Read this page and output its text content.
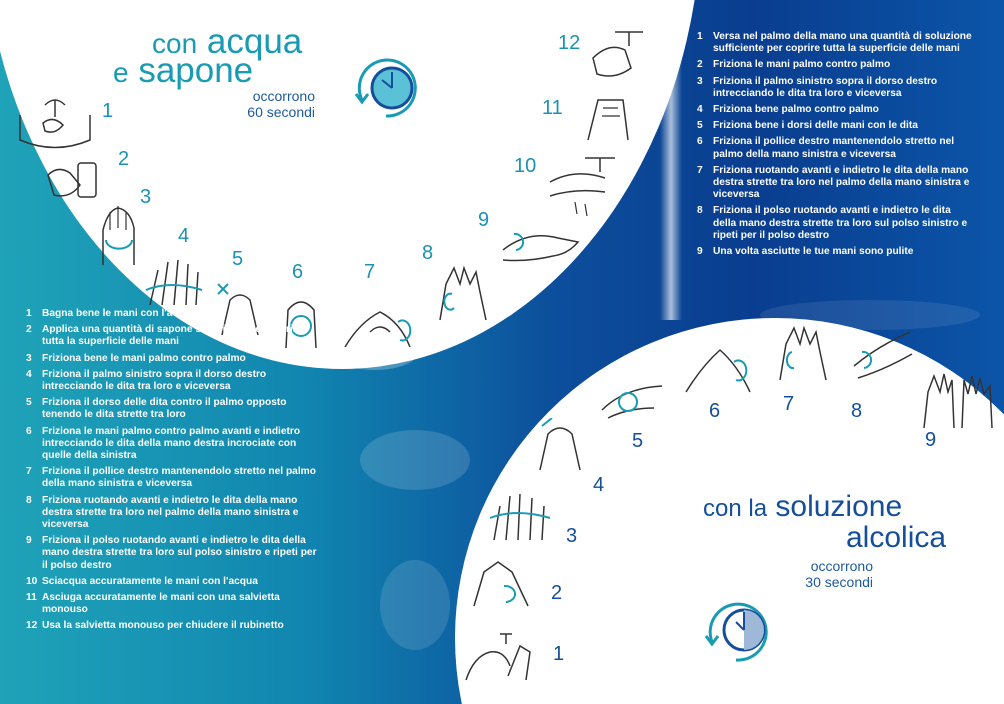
con acqua
e sapone
occorrono
60 secondi
1
2
3
4
5
6	7
8
9
10
11
12
1 Bagna bene le mani con l'acqua
2 Applica una quantità di sapone sufficiente per coprire tutta la superficie delle mani
3 Friziona bene le mani palmo contro palmo
4 Friziona il palmo sinistro sopra il dorso destro intrecciando le dita tra loro e viceversa
5 Friziona il dorso delle dita contro il palmo opposto tenendo le dita strette tra loro
6 Friziona le mani palmo contro palmo avanti e indietro intrecciando le dita della mano destra incrociate con quelle della sinistra
7 Friziona il pollice destro mantenendolo stretto nel palmo della mano sinistra e viceversa
8 Friziona ruotando avanti e indietro le dita della mano destra strette tra loro nel palmo della mano sinistra e viceversa
9 Friziona il polso ruotando avanti e indietro le dita della mano destra strette tra loro sul polso sinistro e ripeti per il polso destro
10 Sciacqua accuratamente le mani con l'acqua
11 Asciuga accuratamente le mani con una salvietta monouso
12 Usa la salvietta monouso per chiudere il rubinetto
1 Versa nel palmo della mano una quantità di soluzione sufficiente per coprire tutta la superficie delle mani
2 Friziona le mani palmo contro palmo
3 Friziona il palmo sinistro sopra il dorso destro intrecciando le dita tra loro e viceversa
4 Friziona bene palmo contro palmo
5 Friziona bene i dorsi delle mani con le dita
6 Friziona il pollice destro mantenendolo stretto nel palmo della mano sinistra e viceversa
7 Friziona ruotando avanti e indietro le dita della mano destra strette tra loro nel palmo della mano sinistra e viceversa
8 Friziona il polso ruotando avanti e indietro le dita della mano destra strette tra loro sul polso sinistro e ripeti per il polso destro
9 Una volta asciutte le tue mani sono pulite
con la soluzione
alcolica
occorrono
30 secondi
1
2
3
4
5
6	7	8
9
